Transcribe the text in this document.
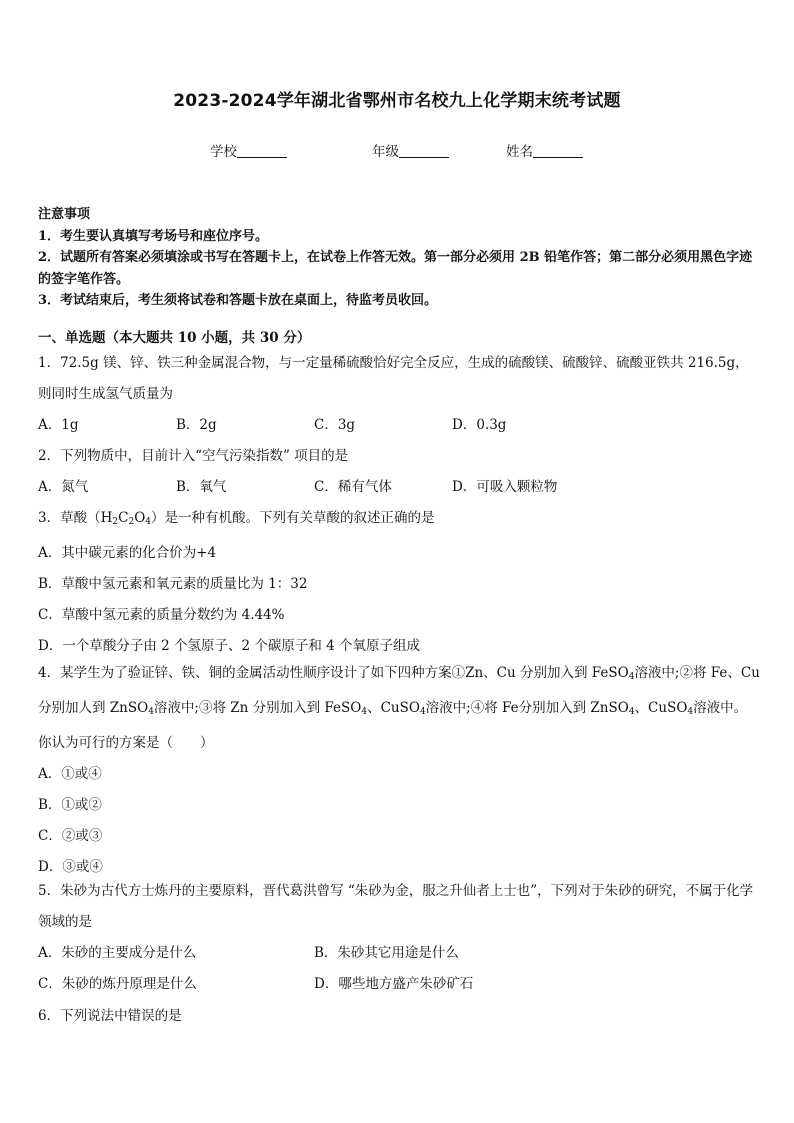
2023-2024学年湖北省鄂州市名校九上化学期末统考试题
学校	年级	姓名

注意事项

1．考生要认真填写考场号和座位序号。

2．试题所有答案必须填涂或书写在答题卡上，在试卷上作答无效。第一部分必须用 2B 铅笔作答；第二部分必须用黑色字迹的签字笔作答。

3．考试结束后，考生须将试卷和答题卡放在桌面上，待监考员收回。

一、单选题（本大题共 10 小题，共 30 分）

1．72.5g 镁、锌、铁三种金属混合物，与一定量稀硫酸恰好完全反应，生成的硫酸镁、硫酸锌、硫酸亚铁共 216.5g，则同时生成氢气质量为

A．1g	B．2g	C．3g	D．0.3g

2．下列物质中，目前计入“空气污染指数” 项目的是

A．氮气	B．氧气	C．稀有气体	D．可吸入颗粒物

3．草酸$(H_2C_2O_4)$是一种有机酸。下列有关草酸的叙述正确的是

A．其中碳元素的化合价为+4

B．草酸中氢元素和氧元素的质量比为 1：32

C．草酸中氢元素的质量分数约为 4.44%

D．一个草酸分子由 2 个氢原子、2 个碳原子和 4 个氧原子组成

4．某学生为了验证锌、铁、铜的金属活动性顺序设计了如下四种方案①Zn、Cu 分别加入到 FeSO$_4$溶液中;②将 Fe、Cu 分别加人到 ZnSO$_4$溶液中;③将 Zn 分别加入到 FeSO$_4$、CuSO$_4$溶液中;④将 Fe分别加入到 ZnSO$_4$、CuSO$_4$溶液中。你认为可行的方案是（　　）

A．①或④

B．①或②

C．②或③

D．③或④

5．朱砂为古代方士炼丹的主要原料，晋代葛洪曾写 “朱砂为金，服之升仙者上士也”，下列对于朱砂的研究，不属于化学领域的是

A．朱砂的主要成分是什么	B．朱砂其它用途是什么
C．朱砂的炼丹原理是什么	D．哪些地方盛产朱砂矿石

6．下列说法中错误的是
